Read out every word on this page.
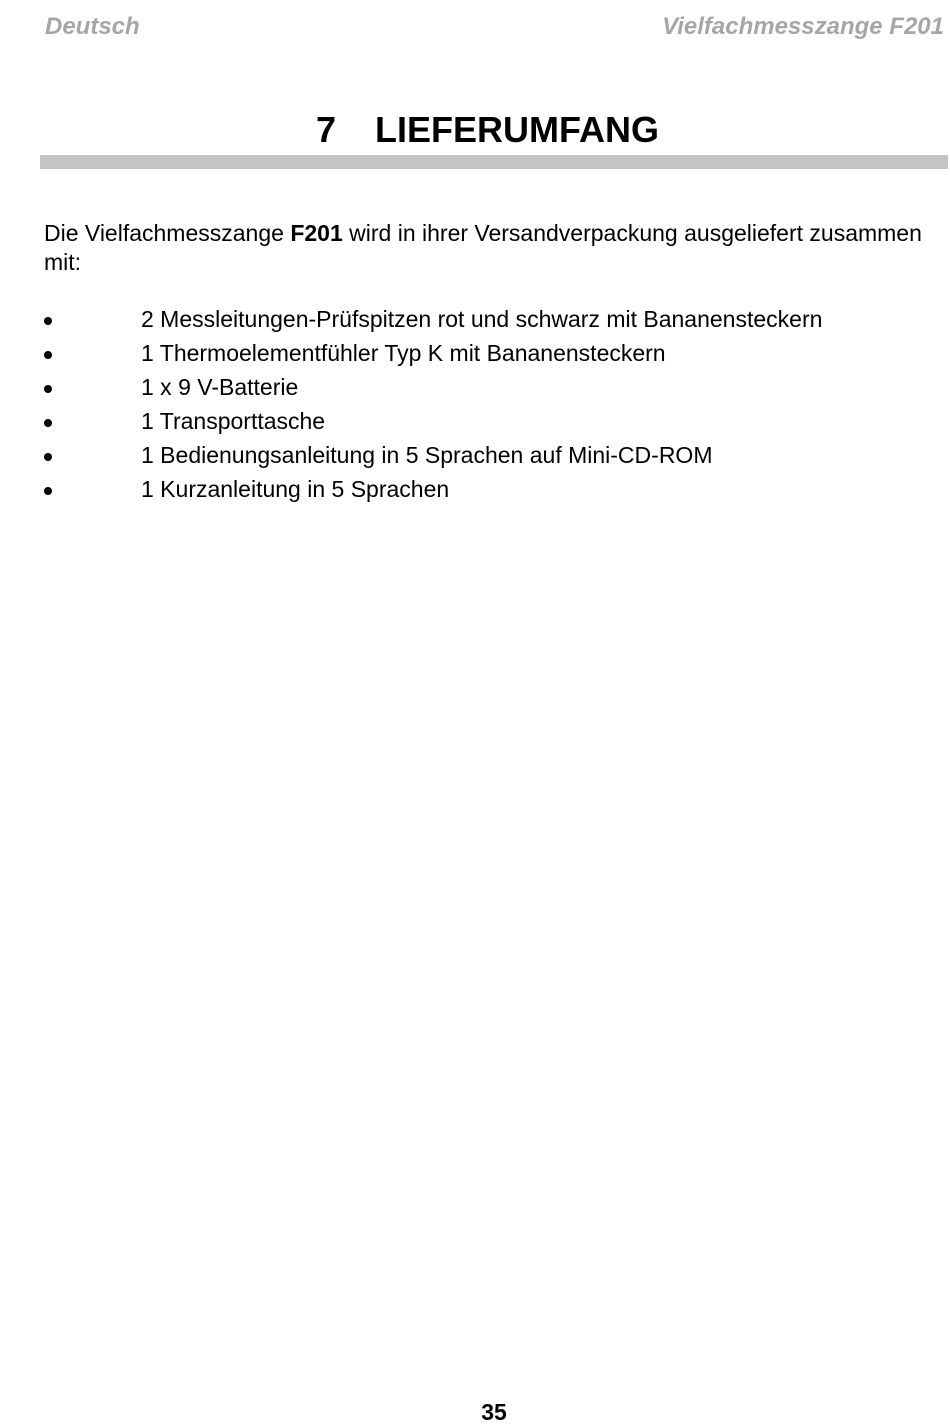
Deutsch	Vielfachmesszange F201
7 LIEFERUMFANG

Die Vielfachmesszange F201 wird in ihrer Versandverpackung ausgeliefert zusammen mit:

2 Messleitungen-Prüfspitzen rot und schwarz mit Bananensteckern
1 Thermoelementfühler Typ K mit Bananensteckern
1 x 9 V-Batterie
1 Transporttasche
1 Bedienungsanleitung in 5 Sprachen auf Mini-CD-ROM
1 Kurzanleitung in 5 Sprachen
35
